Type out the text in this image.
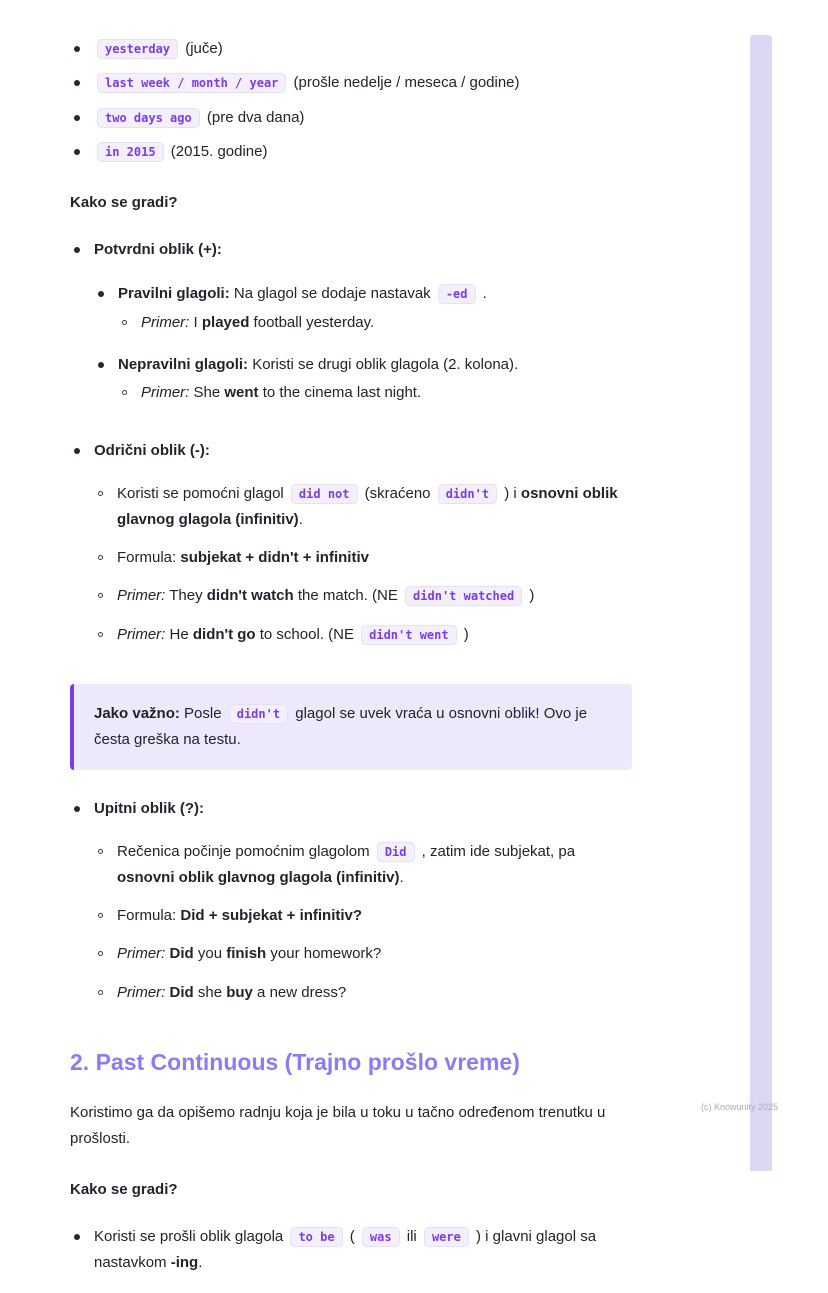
yesterday (juče)
last week / month / year (prošle nedelje / meseca / godine)
two days ago (pre dva dana)
in 2015 (2015. godine)

Kako se gradi?

Potvrdni oblik (+):
Pravilni glagoli: Na glagol se dodaje nastavak -ed .
Primer: I played football yesterday.
Nepravilni glagoli: Koristi se drugi oblik glagola (2. kolona).
Primer: She went to the cinema last night.
Odrični oblik (-):
Koristi se pomoćni glagol did not (skraćeno didn't ) i osnovni oblik glavnog glagola (infinitiv).
Formula: subjekat + didn't + infinitiv
Primer: They didn't watch the match. (NE didn't watched )
Primer: He didn't go to school. (NE didn't went )
Jako važno: Posle didn't glagol se uvek vraća u osnovni oblik! Ovo je česta greška na testu.
Upitni oblik (?):
Rečenica počinje pomoćnim glagolom Did , zatim ide subjekat, pa osnovni oblik glavnog glagola (infinitiv).
Formula: Did + subjekat + infinitiv?
Primer: Did you finish your homework?
Primer: Did she buy a new dress?
2. Past Continuous (Trajno prošlo vreme)

Koristimo ga da opišemo radnju koja je bila u toku u tačno određenom trenutku u prošlosti.

Kako se gradi?

Koristi se prošli oblik glagola to be ( was ili were ) i glavni glagol sa nastavkom -ing.
(c) Knowunity 2025
